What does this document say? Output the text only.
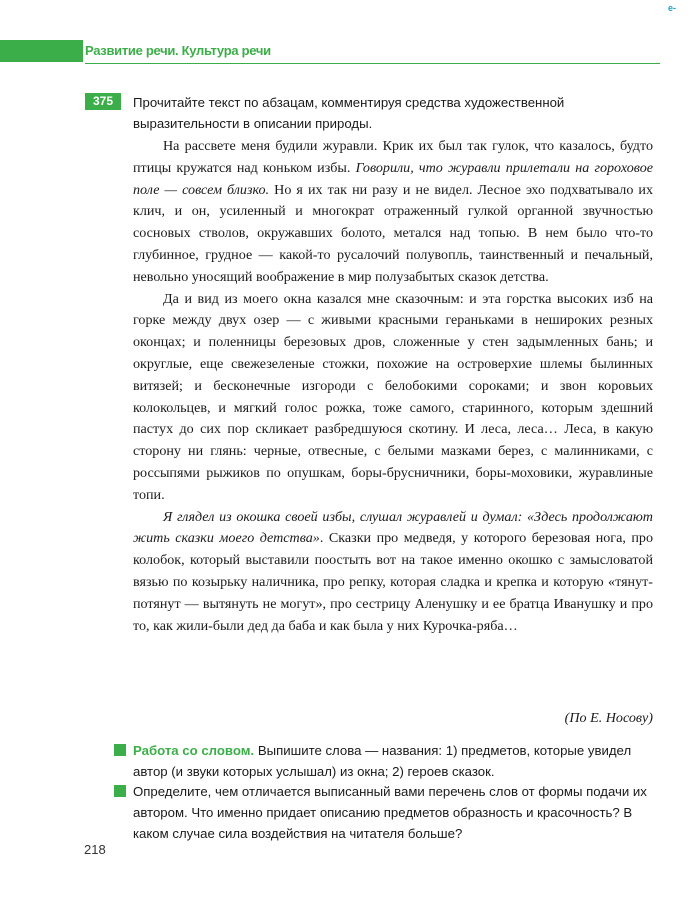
e-
Развитие речи. Культура речи
375	Прочитайте текст по абзацам, комментируя средства художественной выразительности в описании природы.

На рассвете меня будили журавли. Крик их был так гулок, что казалось, будто птицы кружатся над коньком избы. Говорили, что журавли прилетали на гороховое поле — совсем близко. Но я их так ни разу и не видел. Лесное эхо подхватывало их клич, и он, усиленный и многократ отраженный гулкой органной звучностью сосновых стволов, окружавших болото, метался над топью. В нем было что-то глубинное, грудное — какой-то русалочий полувопль, таинственный и печальный, невольно уносящий воображение в мир полузабытых сказок детства.

Да и вид из моего окна казался мне сказочным: и эта горстка высоких изб на горке между двух озер — с живыми красными гераньками в нешироких резных оконцах; и поленницы березовых дров, сложенные у стен задымленных бань; и округлые, еще свежезеленые стожки, похожие на островерхие шлемы былинных витязей; и бесконечные изгороди с белобокими сороками; и звон коровьих колокольцев, и мягкий голос рожка, тоже самого, старинного, которым здешний пастух до сих пор скликает разбредшуюся скотину. И леса, леса… Леса, в какую сторону ни глянь: черные, отвесные, с белыми мазками берез, с малинниками, с россыпями рыжиков по опушкам, боры-брусничники, боры-моховики, журавлиные топи.

Я глядел из окошка своей избы, слушал журавлей и думал: «Здесь продолжают жить сказки моего детства». Сказки про медведя, у которого березовая нога, про колобок, который выставили поостыть вот на такое именно окошко с замысловатой вязью по козырьку наличника, про репку, которая сладка и крепка и которую «тянут-потянут — вытянуть не могут», про сестрицу Аленушку и ее братца Иванушку и про то, как жили-были дед да баба и как была у них Курочка-ряба…

(По Е. Носову)
Работа со словом. Выпишите слова — названия: 1) предметов, которые увидел автор (и звуки которых услышал) из окна; 2) героев сказок.
Определите, чем отличается выписанный вами перечень слов от формы подачи их автором. Что именно придает описанию предметов образность и красочность? В каком случае сила воздействия на читателя больше?
218
